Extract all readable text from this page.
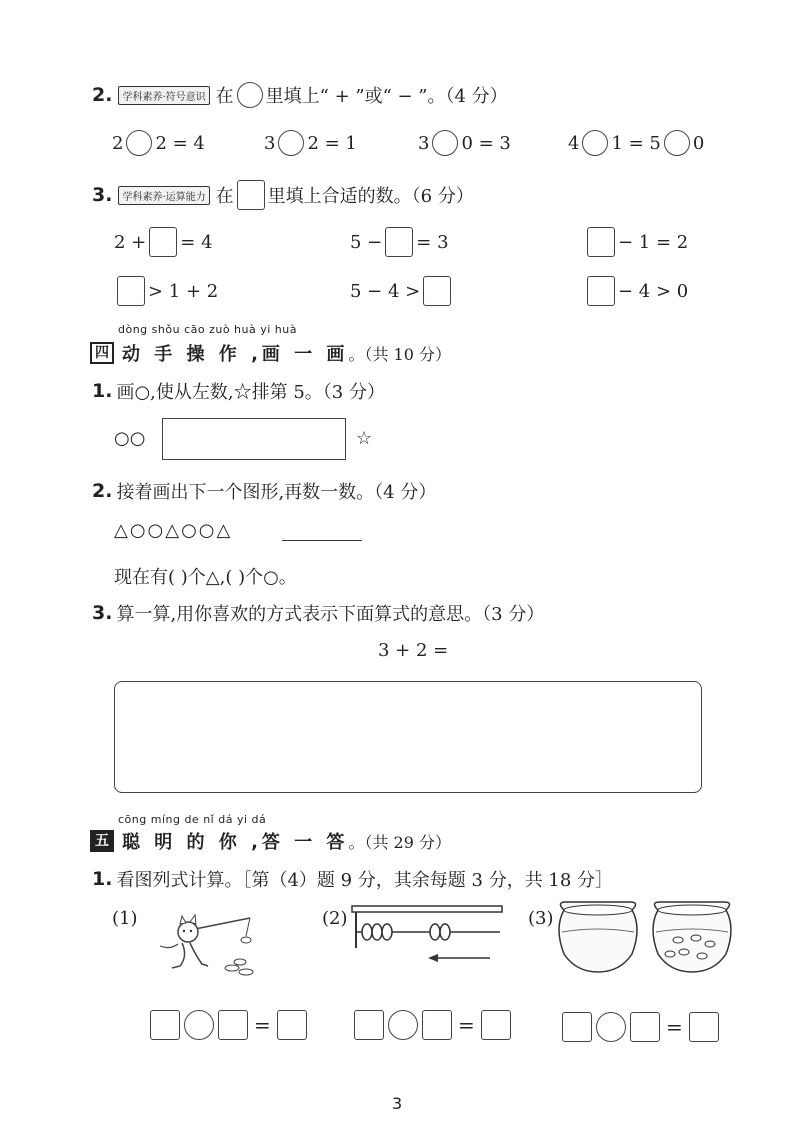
2.	学科素养·符号意识 在 里填上“ + ”或“ − ”。（4 分）
2 2 = 4	3 2 = 1	3 0 = 3	4 1 = 5 0
3.	学科素养·运算能力 在 里填上合适的数。（6 分）
2 + = 4	5 − = 3	− 1 = 2
> 1 + 2	5 − 4 >	− 4 > 0
dòng shǒu cāo zuò huà yi huà
四 动 手 操 作 ,画 一 画 。（共 10 分）
1. 画○,使从左数,☆排第 5。（3 分）
○○	☆
2. 接着画出下一个图形,再数一数。（4 分）
△○○△○○△
现在有( )个△,( )个○。
3. 算一算,用你喜欢的方式表示下面算式的意思。（3 分）
3 + 2 =
cōng míng de nǐ dá yi dá
五 聪 明 的 你 ,答 一 答 。（共 29 分）
1. 看图列式计算。［第（4）题 9 分，其余每题 3 分，共 18 分］
(1)
=
(2)
=
(3)
=
3
